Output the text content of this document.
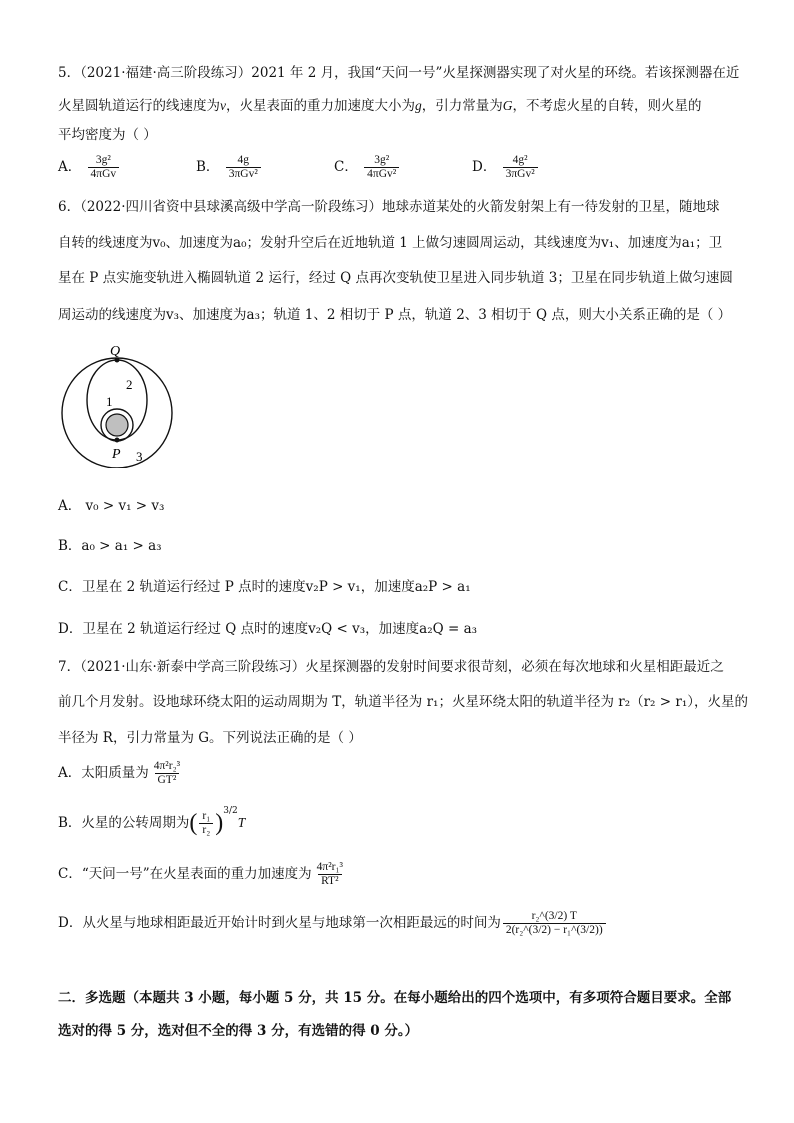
5．（2021·福建·高三阶段练习）2021 年 2 月，我国“天问一号”火星探测器实现了对火星的环绕。若该探测器在近
火星圆轨道运行的线速度为v，火星表面的重力加速度大小为g，引力常量为G，不考虑火星的自转，则火星的
平均密度为（ ）
A． $\frac{\text{3g²}}{\text{4πGv}}$	B． $\frac{4g}{\text{3πGv²}}$	C． $\frac{\text{3g²}}{\text{4πGv²}}$	D． $\frac{\text{4g²}}{\text{3πGv²}}$
6．（2022·四川省资中县球溪高级中学高一阶段练习）地球赤道某处的火箭发射架上有一待发射的卫星，随地球
自转的线速度为v₀、加速度为a₀；发射升空后在近地轨道 1 上做匀速圆周运动，其线速度为v₁、加速度为a₁；卫
星在 P 点实施变轨进入椭圆轨道 2 运行，经过 Q 点再次变轨使卫星进入同步轨道 3；卫星在同步轨道上做匀速圆
周运动的线速度为v₃、加速度为a₃；轨道 1、2 相切于 P 点，轨道 2、3 相切于 Q 点，则大小关系正确的是（ ）
Q
P
1
2
3
A． v₀ > v₁ > v₃
B．a₀ > a₁ > a₃
C．卫星在 2 轨道运行经过 P 点时的速度v₂P > v₁，加速度a₂P > a₁
D．卫星在 2 轨道运行经过 Q 点时的速度v₂Q < v₃，加速度a₂Q = a₃
7．（2021·山东·新泰中学高三阶段练习）火星探测器的发射时间要求很苛刻，必须在每次地球和火星相距最近之
前几个月发射。设地球环绕太阳的运动周期为 T，轨道半径为 r₁；火星环绕太阳的轨道半径为 r₂（r₂ > r₁），火星的
半径为 R，引力常量为 G。下列说法正确的是（ ）
A．太阳质量为 $\frac{\text{4π²r₂³}}{\text{GT²}}$
B．火星的公转周期为( $\frac{\text{r₁}}{\text{r₂}} )^{3/2}T$
C．“天问一号”在火星表面的重力加速度为 $\frac{\text{4π²r₁³}}{\text{RT²}}$
D．从火星与地球相距最近开始计时到火星与地球第一次相距最远的时间为 $\frac{\text{r₂\textasciicircum{}(3/2) T}}{\text{2(r₂\textasciicircum{}(3/2) − r₁\textasciicircum{}(3/2))}}$
二．多选题（本题共 3 小题，每小题 5 分，共 15 分。在每小题给出的四个选项中，有多项符合题目要求。全部
选对的得 5 分，选对但不全的得 3 分，有选错的得 0 分。）
